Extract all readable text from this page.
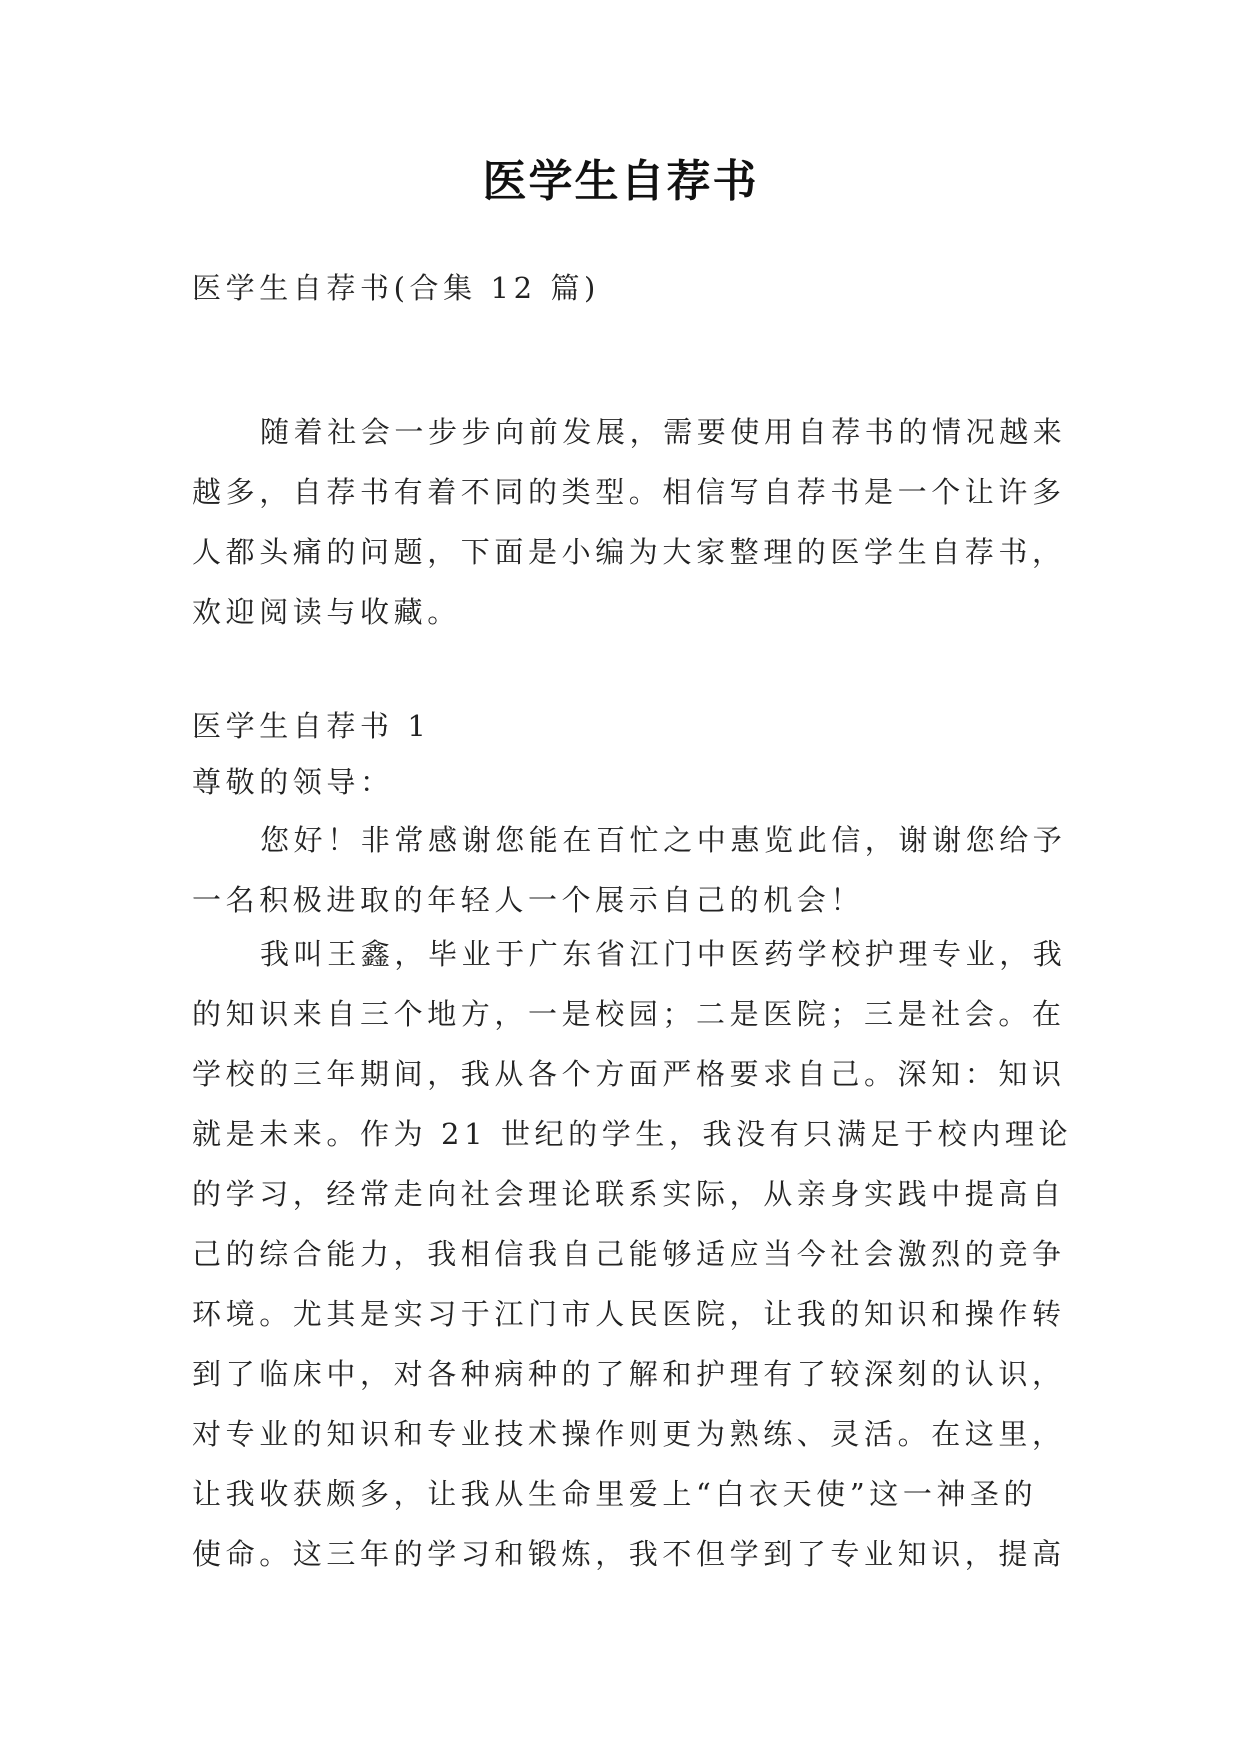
医学生自荐书
医学生自荐书(合集 12 篇)
随着社会一步步向前发展，需要使用自荐书的情况越来
越多，自荐书有着不同的类型。相信写自荐书是一个让许多
人都头痛的问题，下面是小编为大家整理的医学生自荐书，
欢迎阅读与收藏。
医学生自荐书 1
尊敬的领导：
您好！非常感谢您能在百忙之中惠览此信，谢谢您给予
一名积极进取的年轻人一个展示自己的机会！
我叫王鑫，毕业于广东省江门中医药学校护理专业，我
的知识来自三个地方，一是校园；二是医院；三是社会。在
学校的三年期间，我从各个方面严格要求自己。深知：知识
就是未来。作为 21 世纪的学生，我没有只满足于校内理论
的学习，经常走向社会理论联系实际，从亲身实践中提高自
己的综合能力，我相信我自己能够适应当今社会激烈的竞争
环境。尤其是实习于江门市人民医院，让我的知识和操作转
到了临床中，对各种病种的了解和护理有了较深刻的认识，
对专业的知识和专业技术操作则更为熟练、灵活。在这里，
让我收获颇多，让我从生命里爱上“白衣天使”这一神圣的
使命。这三年的学习和锻炼，我不但学到了专业知识，提高
